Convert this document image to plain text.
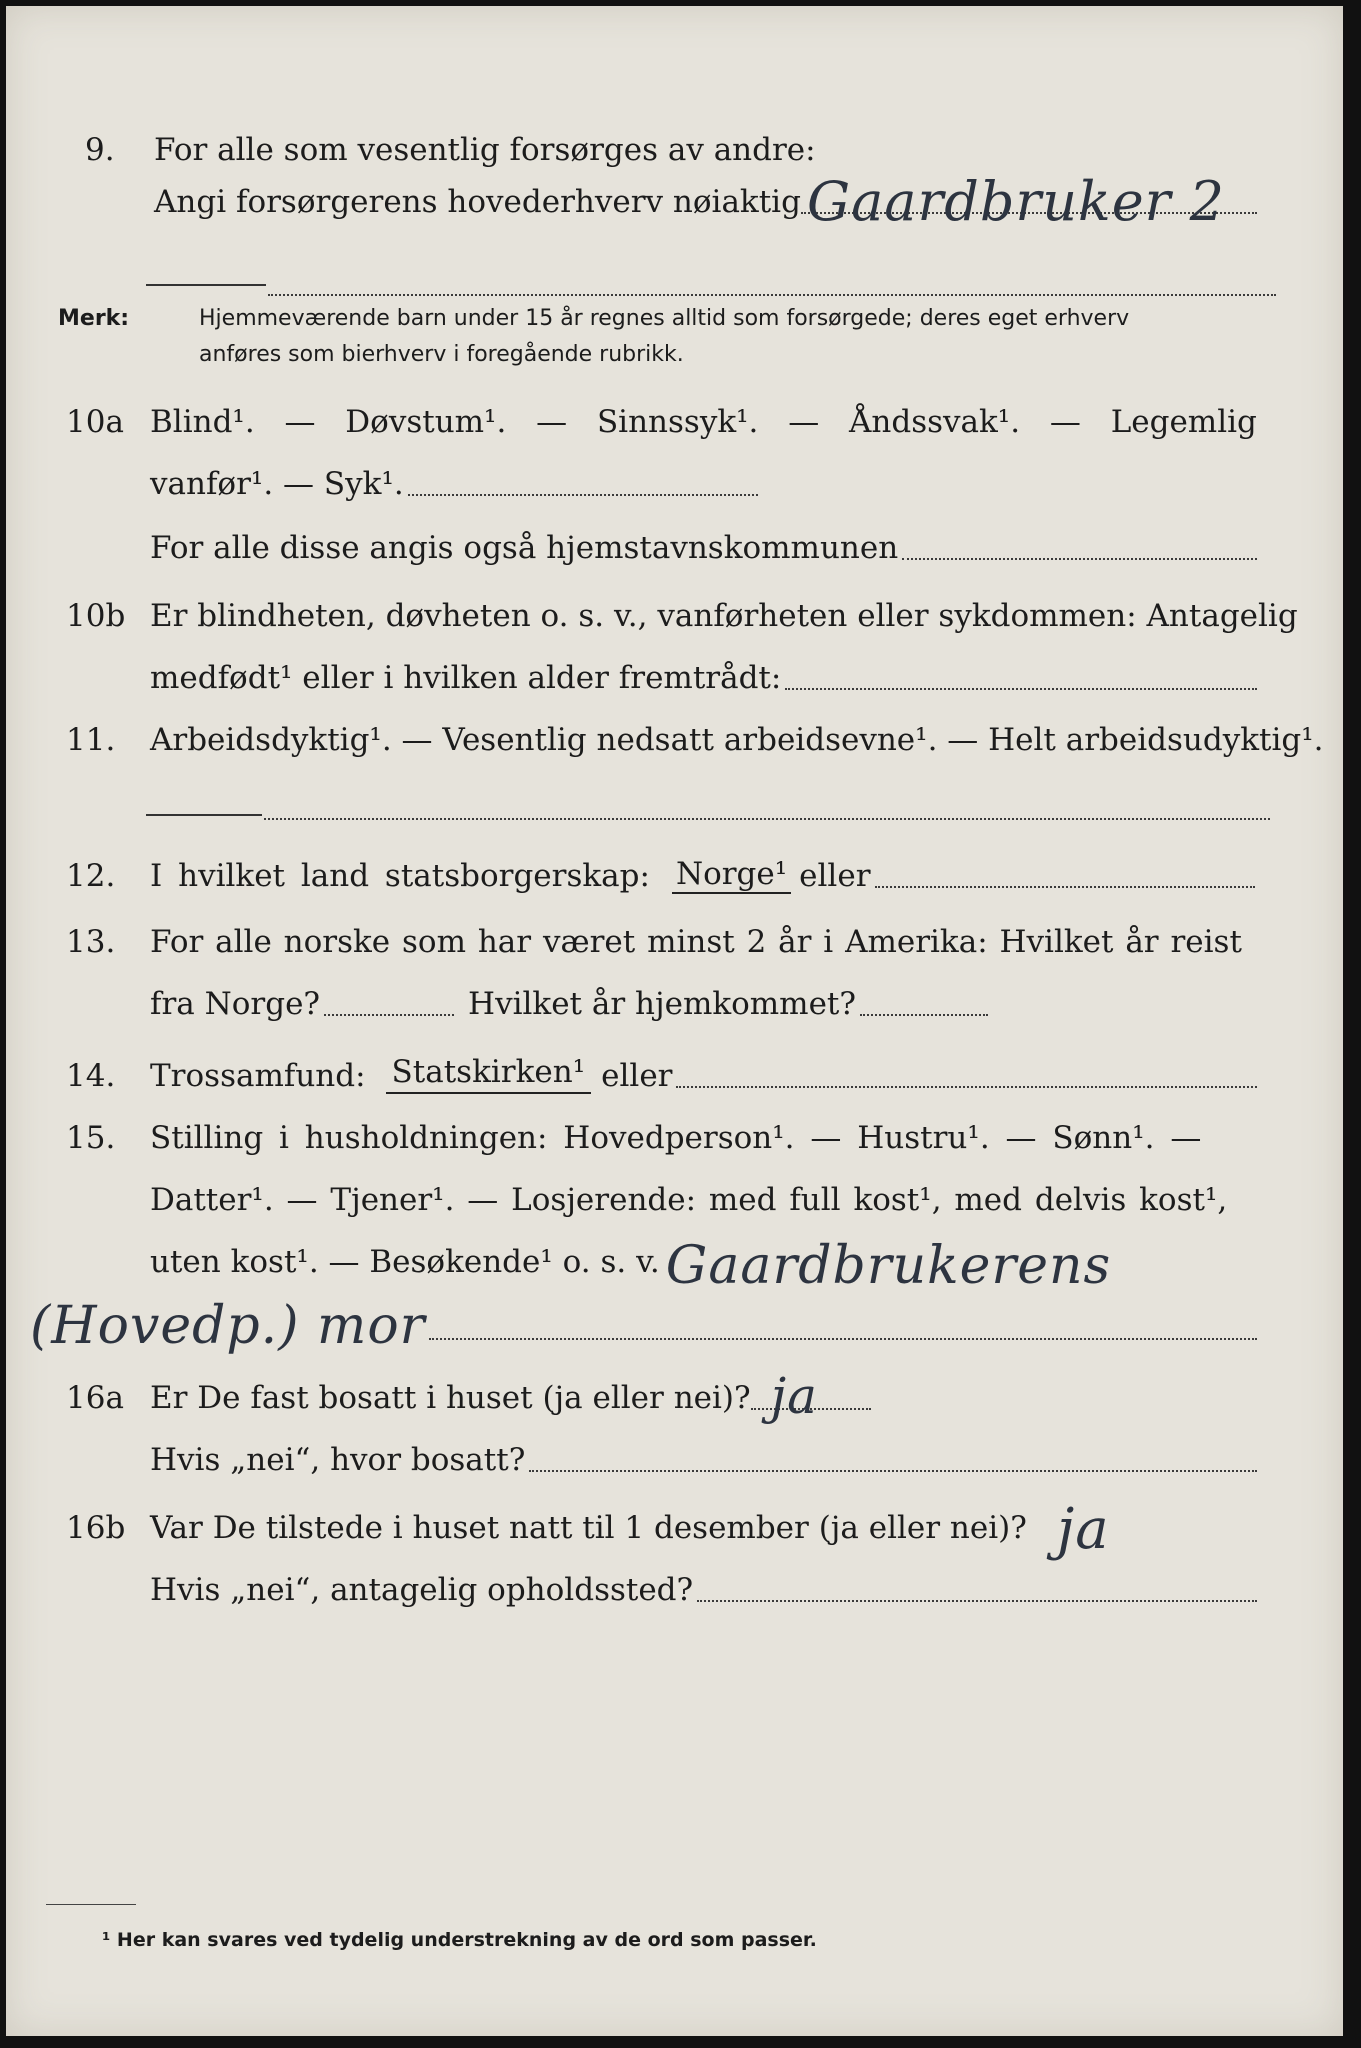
9. For alle som vesentlig forsørges av andre:
Angi forsørgerens hovederhverv nøiaktig Gaardbruker 2
Merk:	Hjemmeværende barn under 15 år regnes alltid som forsørgede; deres eget erhverv
anføres som bierhverv i foregående rubrikk.
10a Blind¹. — Døvstum¹. — Sinnssyk¹. — Åndssvak¹. — Legemlig
vanfør¹. — Syk¹.
For alle disse angis også hjemstavnskommunen
10b Er blindheten, døvheten o. s. v., vanførheten eller sykdommen: Antagelig
medfødt¹ eller i hvilken alder fremtrådt:
11. Arbeidsdyktig¹. — Vesentlig nedsatt arbeidsevne¹. — Helt arbeidsudyktig¹.
12. I hvilket land statsborgerskap: Norge¹ eller
13. For alle norske som har været minst 2 år i Amerika: Hvilket år reist
fra Norge?	Hvilket år hjemkommet?
14. Trossamfund: Statskirken¹ eller
15. Stilling i husholdningen: Hovedperson¹. — Hustru¹. — Sønn¹. —
Datter¹. — Tjener¹. — Losjerende: med full kost¹, med delvis kost¹,
uten kost¹. — Besøkende¹ o. s. v. Gaardbrukerens
(Hovedp.) mor
16a Er De fast bosatt i huset (ja eller nei)? ja
Hvis „nei“, hvor bosatt?
16b Var De tilstede i huset natt til 1 desember (ja eller nei)? ja
Hvis „nei“, antagelig opholdssted?
¹ Her kan svares ved tydelig understrekning av de ord som passer.
